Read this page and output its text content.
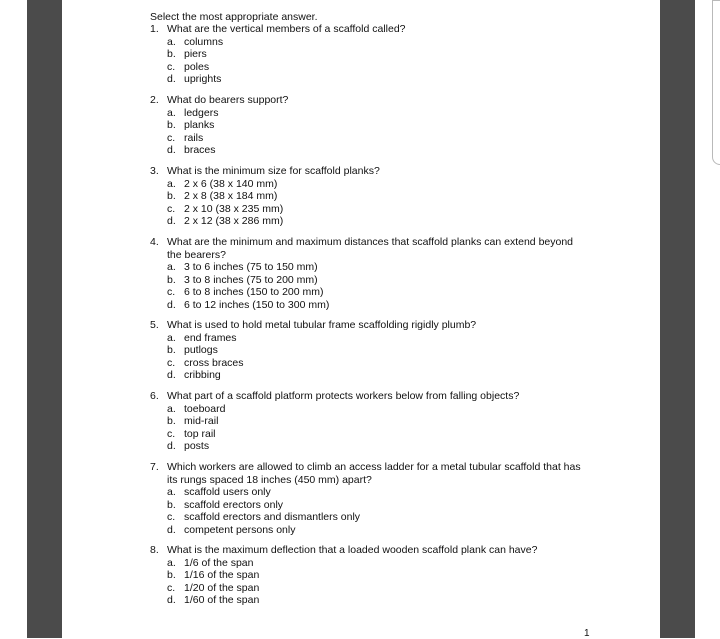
Select the most appropriate answer.
1. What are the vertical members of a scaffold called?
a. columns
b. piers
c. poles
d. uprights
2. What do bearers support?
a. ledgers
b. planks
c. rails
d. braces
3. What is the minimum size for scaffold planks?
a. 2 x 6 (38 x 140 mm)
b. 2 x 8 (38 x 184 mm)
c. 2 x 10 (38 x 235 mm)
d. 2 x 12 (38 x 286 mm)
4. What are the minimum and maximum distances that scaffold planks can extend beyond the bearers?
a. 3 to 6 inches (75 to 150 mm)
b. 3 to 8 inches (75 to 200 mm)
c. 6 to 8 inches (150 to 200 mm)
d. 6 to 12 inches (150 to 300 mm)
5. What is used to hold metal tubular frame scaffolding rigidly plumb?
a. end frames
b. putlogs
c. cross braces
d. cribbing
6. What part of a scaffold platform protects workers below from falling objects?
a. toeboard
b. mid-rail
c. top rail
d. posts
7. Which workers are allowed to climb an access ladder for a metal tubular scaffold that has its rungs spaced 18 inches (450 mm) apart?
a. scaffold users only
b. scaffold erectors only
c. scaffold erectors and dismantlers only
d. competent persons only
8. What is the maximum deflection that a loaded wooden scaffold plank can have?
a. 1/6 of the span
b. 1/16 of the span
c. 1/20 of the span
d. 1/60 of the span
1
